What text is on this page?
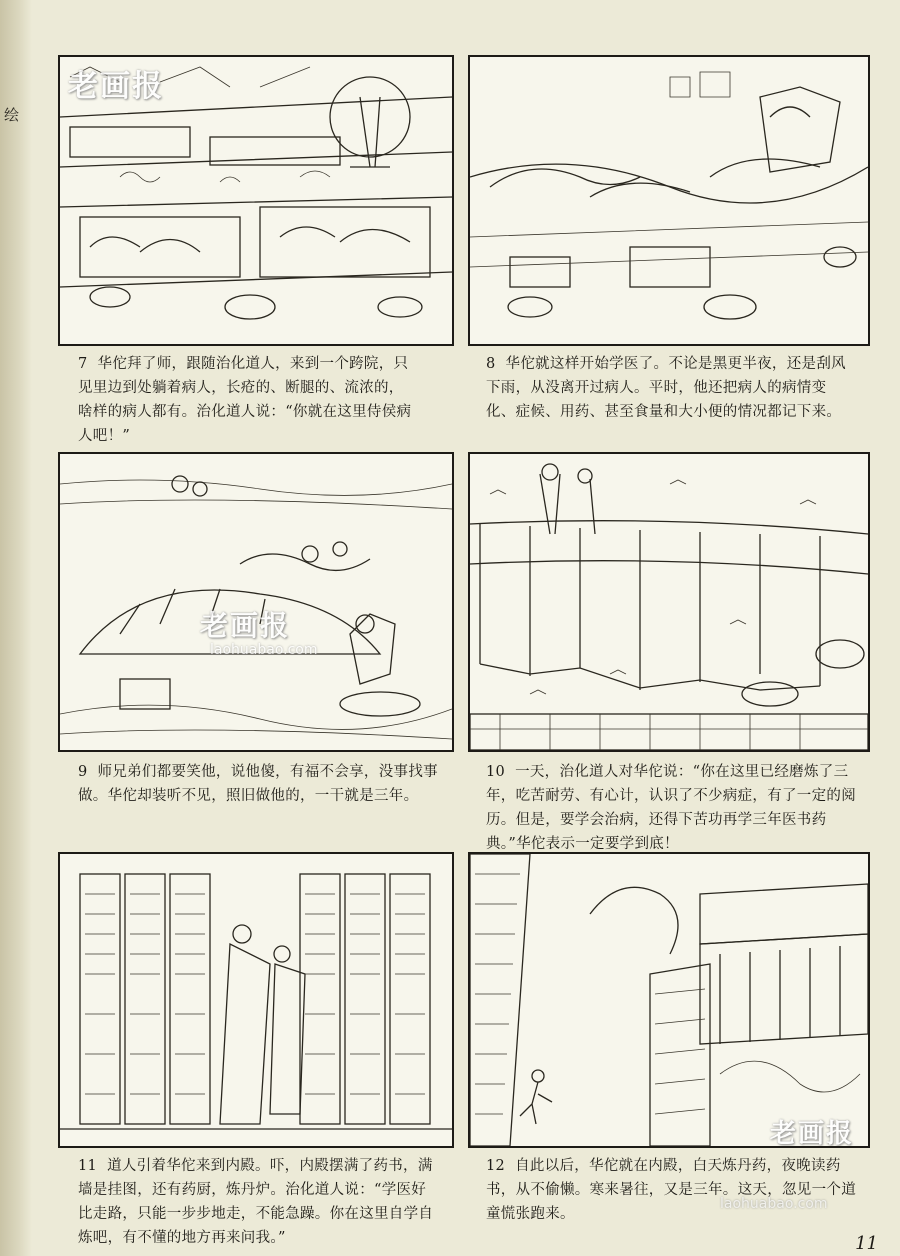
绘
老画报
7 华佗拜了师，跟随治化道人，来到一个跨院，只见里边到处躺着病人，长疮的、断腿的、流浓的，啥样的病人都有。治化道人说：“你就在这里侍侯病人吧！”
8 华佗就这样开始学医了。不论是黑更半夜，还是刮风下雨，从没离开过病人。平时，他还把病人的病情变化、症候、用药、甚至食量和大小便的情况都记下来。
老画报
laohuabao.com
9 师兄弟们都要笑他，说他傻，有福不会享，没事找事做。华佗却装听不见，照旧做他的，一干就是三年。
10 一天，治化道人对华佗说：“你在这里已经磨炼了三年，吃苦耐劳、有心计，认识了不少病症，有了一定的阅历。但是，要学会治病，还得下苦功再学三年医书药典。”华佗表示一定要学到底！
11 道人引着华佗来到内殿。吓，内殿摆满了药书，满墙是挂图，还有药厨，炼丹炉。治化道人说：“学医好比走路，只能一步步地走，不能急躁。你在这里自学自炼吧，有不懂的地方再来问我。”
老画报
12 自此以后，华佗就在内殿，白天炼丹药，夜晚读药书，从不偷懒。寒来暑往，又是三年。这天，忽见一个道童慌张跑来。
laohuabao.com
11
